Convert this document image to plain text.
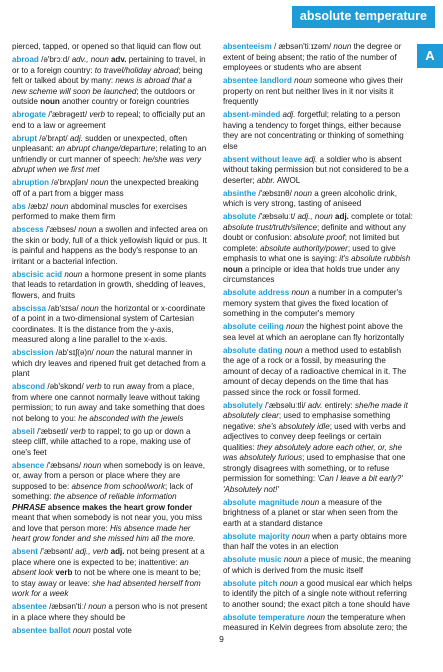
absolute temperature
A

pierced, tapped, or opened so that liquid can flow out

abroad /ə'brɔːd/ adv., noun adv. pertaining to travel, in or to a foreign country: to travel/holiday abroad; being felt or talked about by many: news is abroad that a new scheme will soon be launched; the outdoors or outside noun another country or foreign countries

abrogate /'æbrəgeɪt/ verb to repeal; to officially put an end to a law or agreement

abrupt /ə'brʌpt/ adj. sudden or unexpected, often unpleasant: an abrupt change/departure; relating to an unfriendly or curt manner of speech: he/she was very abrupt when we first met

abruption /ə'brʌpʃən/ noun the unexpected breaking off of a part from a bigger mass

abs /æbz/ noun abdominal muscles for exercises performed to make them firm

abscess /'æbses/ noun a swollen and infected area on the skin or body, full of a thick yellowish liquid or pus. It is painful and happens as the body's response to an irritant or a bacterial infection.

abscisic acid noun a hormone present in some plants that leads to retardation in growth, shedding of leaves, flowers, and fruits

abscissa /ab'sɪsə/ noun the horizontal or x-coordinate of a point in a two-dimensional system of Cartesian coordinates. It is the distance from the y-axis, measured along a line parallel to the x-axis.

abscission /ab'sɪʃ(ə)n/ noun the natural manner in which dry leaves and ripened fruit get detached from a plant

abscond /əb'skɒnd/ verb to run away from a place, from where one cannot normally leave without taking permission; to run away and take something that does not belong to you: he absconded with the jewels

abseil /'æbseɪl/ verb to rappel; to go up or down a steep cliff, while attached to a rope, making use of one's feet

absence /'æbsəns/ noun when somebody is on leave, or, away from a person or place where they are supposed to be: absence from school/work; lack of something: the absence of reliable information PHRASE absence makes the heart grow fonder meant that when somebody is not near you, you miss and love that person more: His absence made her heart grow fonder and she missed him all the more.

absent /'æbsənt/ adj., verb adj. not being present at a place where one is expected to be; inattentive: an absent look verb to not be where one is meant to be; to stay away or leave: she had absented herself from work for a week

absentee /æbsən'tiː/ noun a person who is not present in a place where they should be

absentee ballot noun postal vote

absenteeism / æbsən'tiːɪzəm/ noun the degree or extent of being absent; the ratio of the number of employees or students who are absent

absentee landlord noun someone who gives their property on rent but neither lives in it nor visits it frequently

absent-minded adj. forgetful; relating to a person having a tendency to forget things, either because they are not concentrating or thinking of something else

absent without leave adj. a soldier who is absent without taking permission but not considered to be a deserter; abbr. AWOL

absinthe /'æbsɪnθ/ noun a green alcoholic drink, which is very strong, tasting of aniseed

absolute /'æbsəluːt/ adj., noun adj. complete or total: absolute trust/truth/silence; definite and without any doubt or confusion: absolute proof; not limited but complete: absolute authority/power; used to give emphasis to what one is saying: it's absolute rubbish noun a principle or idea that holds true under any circumstances

absolute address noun a number in a computer's memory system that gives the fixed location of something in the computer's memory

absolute ceiling noun the highest point above the sea level at which an aeroplane can fly horizontally

absolute dating noun a method used to establish the age of a rock or a fossil, by measuring the amount of decay of a radioactive chemical in it. The amount of decay depends on the time that has passed since the rock or fossil formed.

absolutely /'æbsəluːtli/ adv. entirely: she/he made it absolutely clear; used to emphasise something negative: she's absolutely idle; used with verbs and adjectives to convey deep feelings or certain qualities: they absolutely adore each other, or, she was absolutely furious; used to emphasise that one strongly disagrees with something, or to refuse permission for something: 'Can I leave a bit early?' 'Absolutely not!'

absolute magnitude noun a measure of the brightness of a planet or star when seen from the earth at a standard distance

absolute majority noun when a party obtains more than half the votes in an election

absolute music noun a piece of music, the meaning of which is derived from the music itself

absolute pitch noun a good musical ear which helps to identify the pitch of a single note without referring to another sound; the exact pitch a tone should have

absolute temperature noun the temperature when measured in Kelvin degrees from absolute zero; the

9
